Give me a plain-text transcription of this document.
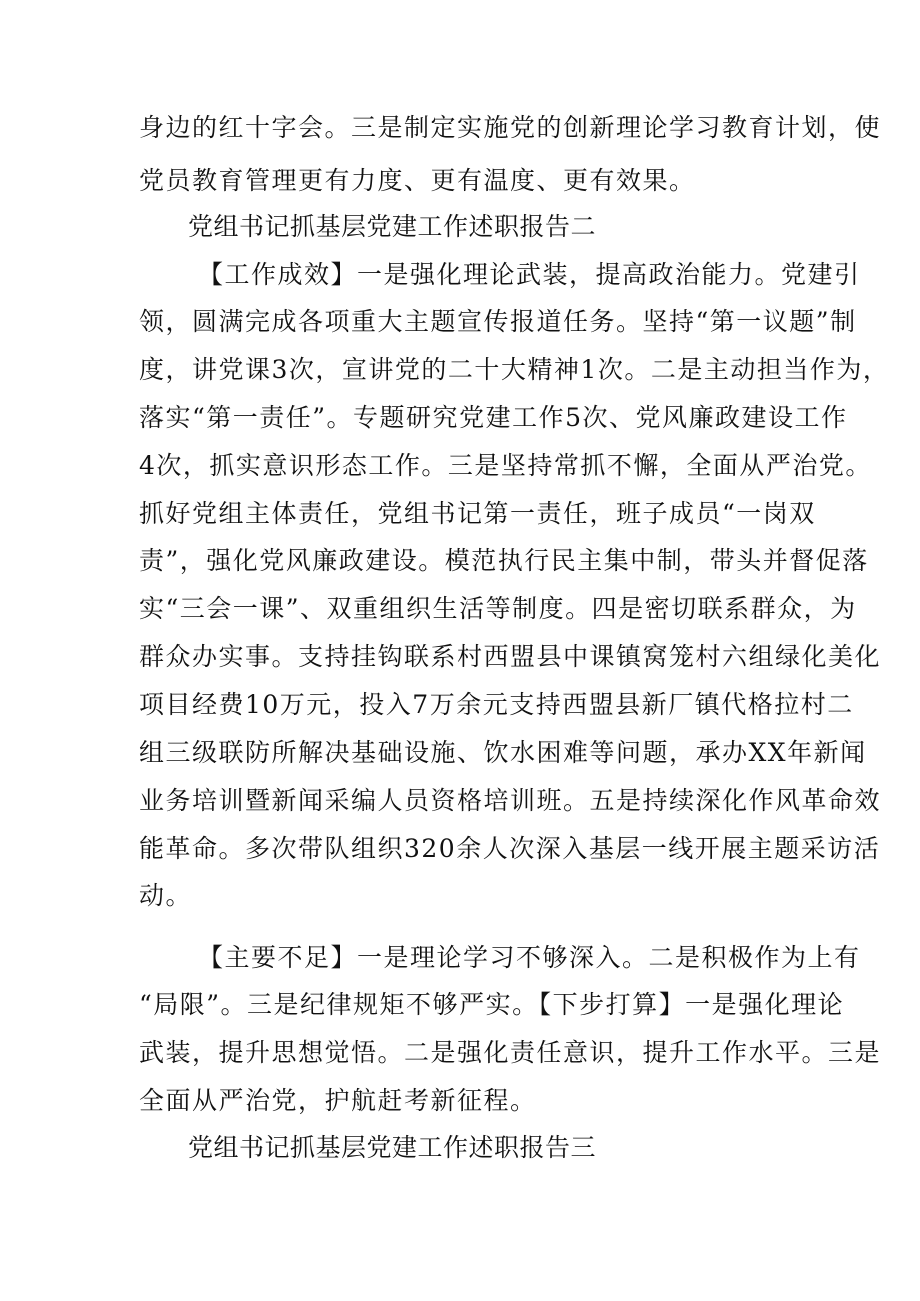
身边的红十字会。三是制定实施党的创新理论学习教育计划，使
党员教育管理更有力度、更有温度、更有效果。
党组书记抓基层党建工作述职报告二
【工作成效】一是强化理论武装，提高政治能力。党建引
领，圆满完成各项重大主题宣传报道任务。坚持“第一议题”制
度，讲党课3次，宣讲党的二十大精神1次。二是主动担当作为，
落实“第一责任”。专题研究党建工作5次、党风廉政建设工作
4次，抓实意识形态工作。三是坚持常抓不懈，全面从严治党。
抓好党组主体责任，党组书记第一责任，班子成员“一岗双
责”，强化党风廉政建设。模范执行民主集中制，带头并督促落
实“三会一课”、双重组织生活等制度。四是密切联系群众，为
群众办实事。支持挂钩联系村西盟县中课镇窝笼村六组绿化美化
项目经费10万元，投入7万余元支持西盟县新厂镇代格拉村二
组三级联防所解决基础设施、饮水困难等问题，承办XX年新闻
业务培训暨新闻采编人员资格培训班。五是持续深化作风革命效
能革命。多次带队组织320余人次深入基层一线开展主题采访活
动。
【主要不足】一是理论学习不够深入。二是积极作为上有
“局限”。三是纪律规矩不够严实。【下步打算】一是强化理论
武装，提升思想觉悟。二是强化责任意识，提升工作水平。三是
全面从严治党，护航赶考新征程。
党组书记抓基层党建工作述职报告三
